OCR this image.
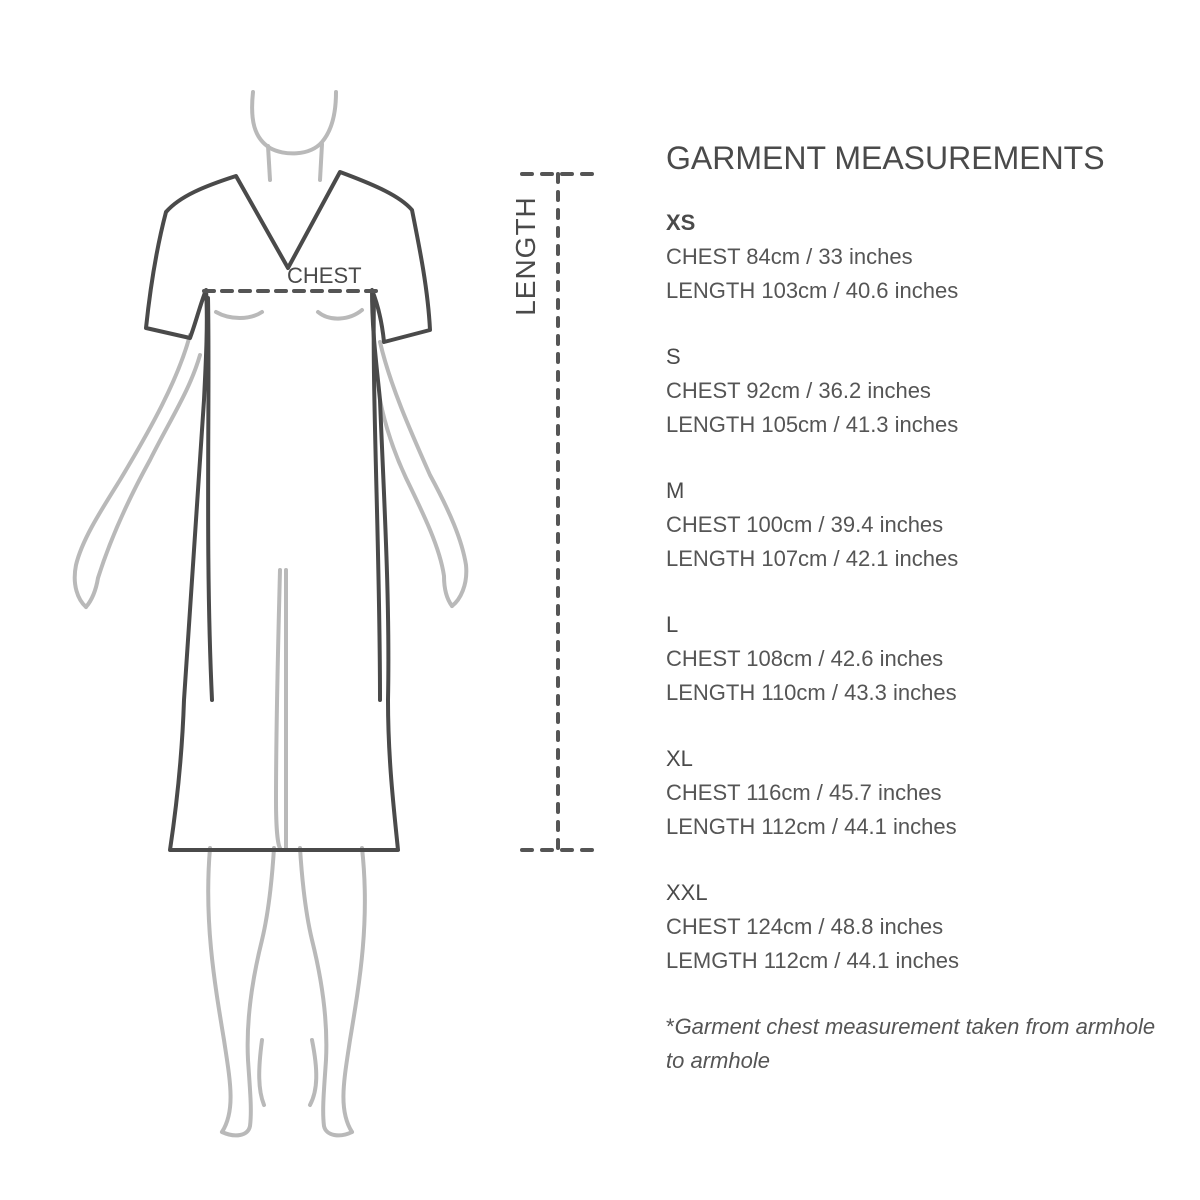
CHEST	LENGTH
GARMENT MEASUREMENTS
XS
CHEST 84cm / 33 inches
LENGTH 103cm / 40.6 inches
S
CHEST 92cm / 36.2 inches
LENGTH 105cm / 41.3 inches
M
CHEST 100cm / 39.4 inches
LENGTH 107cm / 42.1 inches
L
CHEST 108cm / 42.6 inches
LENGTH 110cm / 43.3 inches
XL
CHEST 116cm / 45.7 inches
LENGTH 112cm / 44.1 inches
XXL
CHEST 124cm / 48.8 inches
LEMGTH 112cm / 44.1 inches
*Garment chest measurement taken from armhole to armhole
